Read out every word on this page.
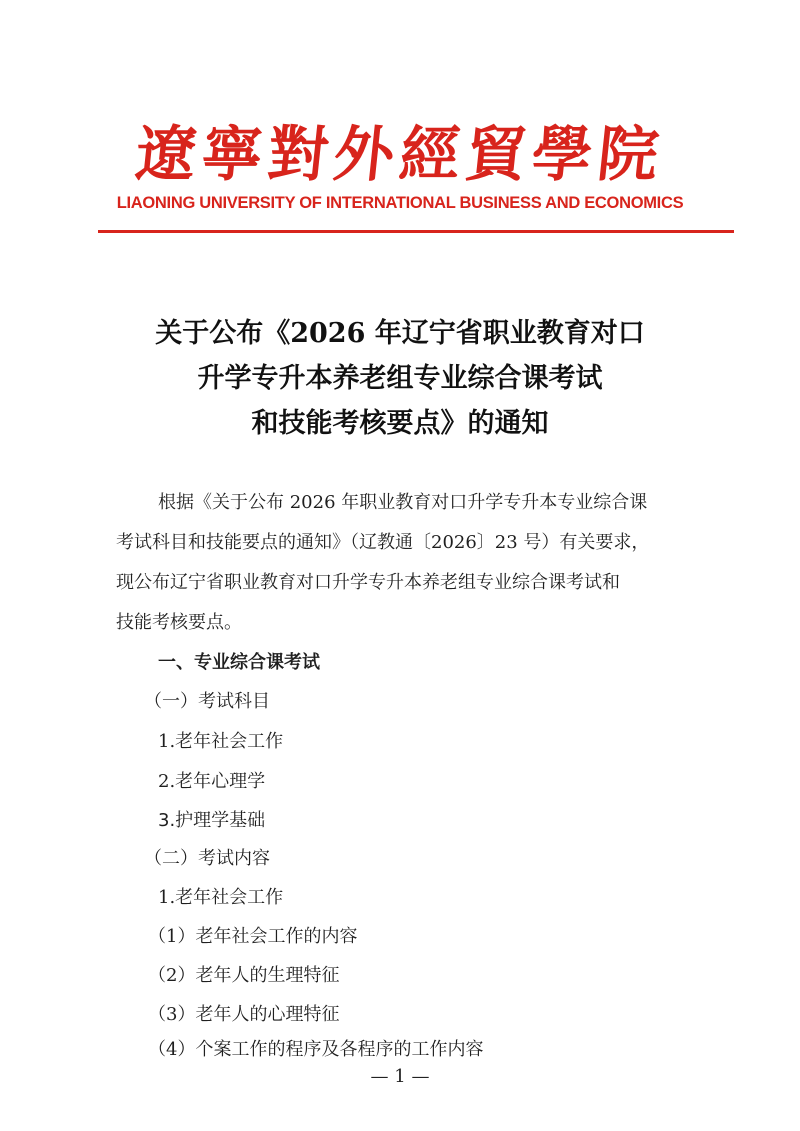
遼寧對外經貿學院
LIAONING UNIVERSITY OF INTERNATIONAL BUSINESS AND ECONOMICS
关于公布《2026 年辽宁省职业教育对口
升学专升本养老组专业综合课考试
和技能考核要点》的通知
根据《关于公布 2026 年职业教育对口升学专升本专业综合课
考试科目和技能要点的通知》（辽教通〔2026〕23 号）有关要求，
现公布辽宁省职业教育对口升学专升本养老组专业综合课考试和
技能考核要点。
一、专业综合课考试
（一）考试科目
1.老年社会工作
2.老年心理学
3.护理学基础
（二）考试内容
1.老年社会工作
（1）老年社会工作的内容
（2）老年人的生理特征
（3）老年人的心理特征
（4）个案工作的程序及各程序的工作内容
— 1 —
